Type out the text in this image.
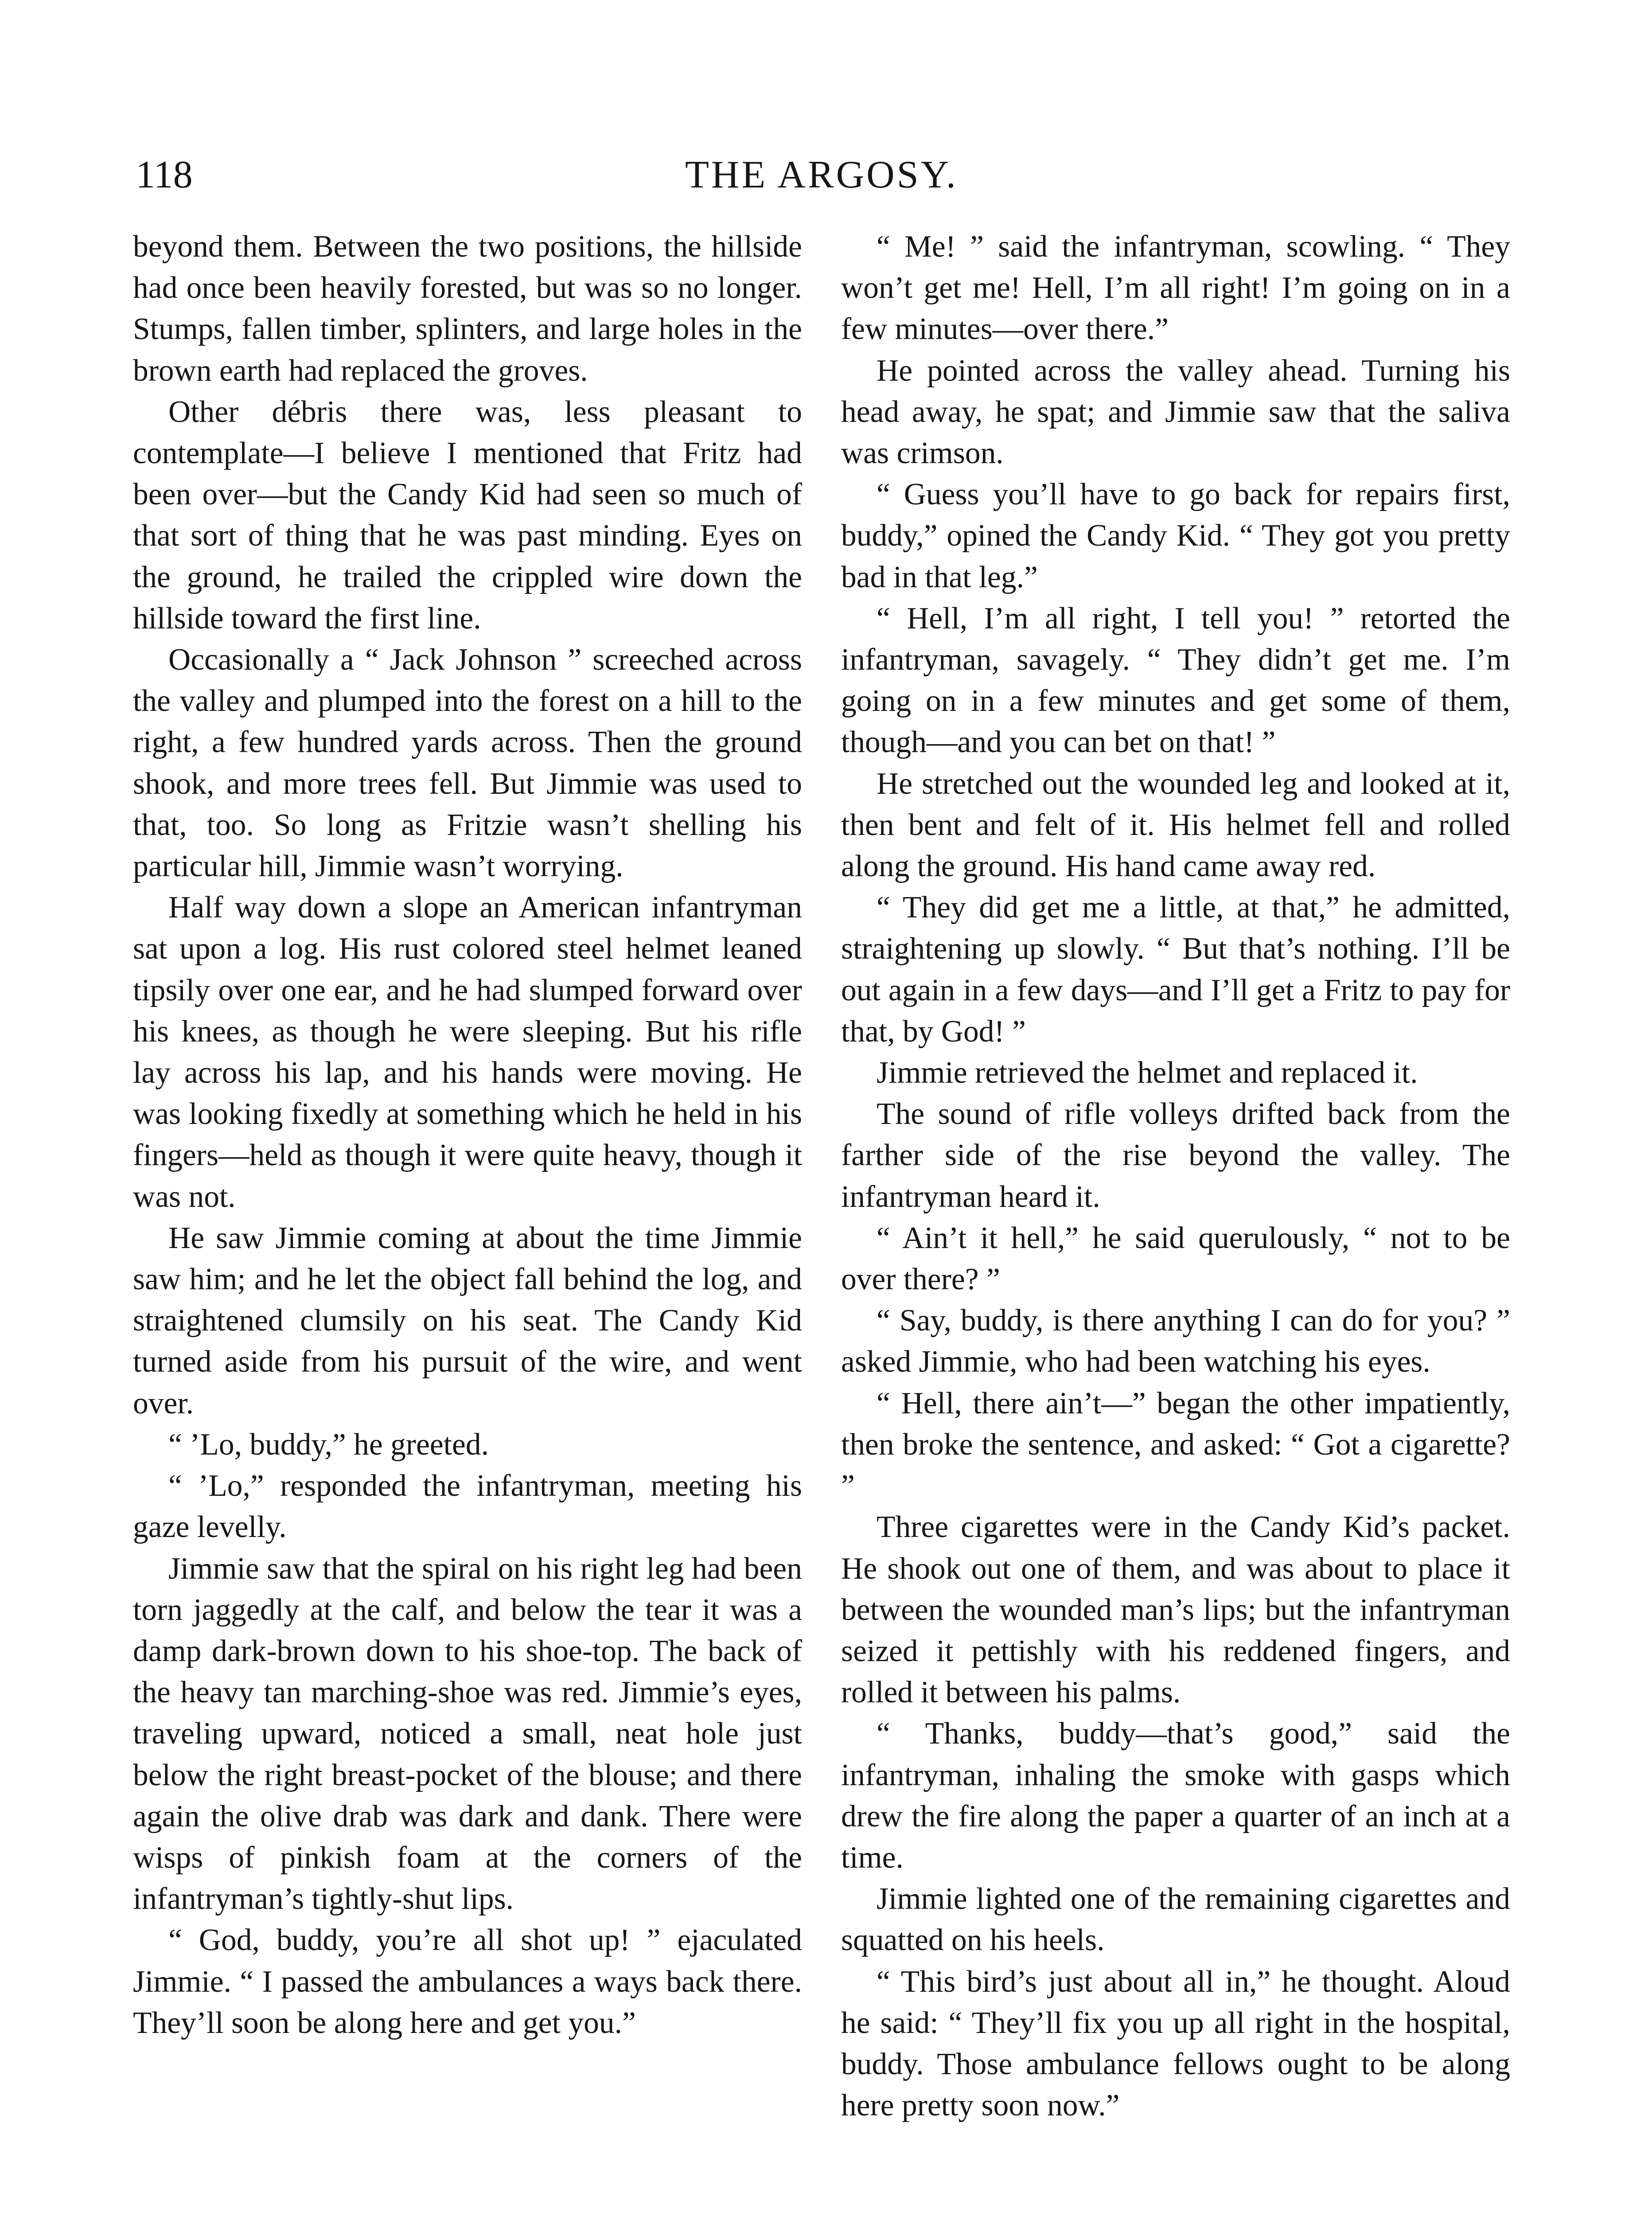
118	THE ARGOSY.

beyond them. Between the two positions, the hillside had once been heavily forested, but was so no longer. Stumps, fallen timber, splinters, and large holes in the brown earth had replaced the groves.

Other débris there was, less pleasant to contemplate—I believe I mentioned that Fritz had been over—but the Candy Kid had seen so much of that sort of thing that he was past minding. Eyes on the ground, he trailed the crippled wire down the hillside toward the first line.

Occasionally a “ Jack Johnson ” screeched across the valley and plumped into the forest on a hill to the right, a few hundred yards across. Then the ground shook, and more trees fell. But Jimmie was used to that, too. So long as Fritzie wasn’t shelling his particular hill, Jimmie wasn’t worrying.

Half way down a slope an American infantryman sat upon a log. His rust colored steel helmet leaned tipsily over one ear, and he had slumped forward over his knees, as though he were sleeping. But his rifle lay across his lap, and his hands were moving. He was looking fixedly at something which he held in his fingers—held as though it were quite heavy, though it was not.

He saw Jimmie coming at about the time Jimmie saw him; and he let the object fall behind the log, and straightened clumsily on his seat. The Candy Kid turned aside from his pursuit of the wire, and went over.

“ ’Lo, buddy,” he greeted.

“ ’Lo,” responded the infantryman, meeting his gaze levelly.

Jimmie saw that the spiral on his right leg had been torn jaggedly at the calf, and below the tear it was a damp dark-brown down to his shoe-top. The back of the heavy tan marching-shoe was red. Jimmie’s eyes, traveling upward, noticed a small, neat hole just below the right breast-pocket of the blouse; and there again the olive drab was dark and dank. There were wisps of pinkish foam at the corners of the infantryman’s tightly-shut lips.

“ God, buddy, you’re all shot up! ” ejaculated Jimmie. “ I passed the ambulances a ways back there. They’ll soon be along here and get you.”

“ Me! ” said the infantryman, scowling. “ They won’t get me! Hell, I’m all right! I’m going on in a few minutes—over there.”

He pointed across the valley ahead. Turning his head away, he spat; and Jimmie saw that the saliva was crimson.

“ Guess you’ll have to go back for repairs first, buddy,” opined the Candy Kid. “ They got you pretty bad in that leg.”

“ Hell, I’m all right, I tell you! ” retorted the infantryman, savagely. “ They didn’t get me. I’m going on in a few minutes and get some of them, though—and you can bet on that! ”

He stretched out the wounded leg and looked at it, then bent and felt of it. His helmet fell and rolled along the ground. His hand came away red.

“ They did get me a little, at that,” he admitted, straightening up slowly. “ But that’s nothing. I’ll be out again in a few days—and I’ll get a Fritz to pay for that, by God! ”

Jimmie retrieved the helmet and replaced it.

The sound of rifle volleys drifted back from the farther side of the rise beyond the valley. The infantryman heard it.

“ Ain’t it hell,” he said querulously, “ not to be over there? ”

“ Say, buddy, is there anything I can do for you? ” asked Jimmie, who had been watching his eyes.

“ Hell, there ain’t—” began the other impatiently, then broke the sentence, and asked: “ Got a cigarette? ”

Three cigarettes were in the Candy Kid’s packet. He shook out one of them, and was about to place it between the wounded man’s lips; but the infantryman seized it pettishly with his reddened fingers, and rolled it between his palms.

“ Thanks, buddy—that’s good,” said the infantryman, inhaling the smoke with gasps which drew the fire along the paper a quarter of an inch at a time.

Jimmie lighted one of the remaining cigarettes and squatted on his heels.

“ This bird’s just about all in,” he thought. Aloud he said: “ They’ll fix you up all right in the hospital, buddy. Those ambulance fellows ought to be along here pretty soon now.”
